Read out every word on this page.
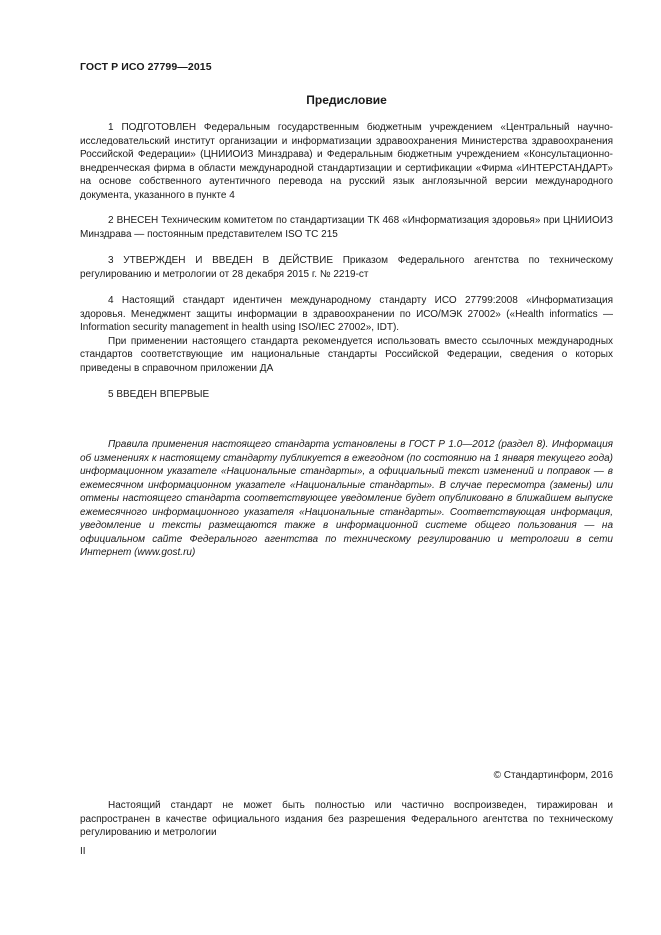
ГОСТ Р ИСО 27799—2015
Предисловие

1 ПОДГОТОВЛЕН Федеральным государственным бюджетным учреждением «Центральный научно-исследовательский институт организации и информатизации здравоохранения Министерства здравоохранения Российской Федерации» (ЦНИИОИЗ Минздрава) и Федеральным бюджетным учреждением «Консультационно-внедренческая фирма в области международной стандартизации и сертификации «Фирма «ИНТЕРСТАНДАРТ» на основе собственного аутентичного перевода на русский язык англоязычной версии международного документа, указанного в пункте 4

2 ВНЕСЕН Техническим комитетом по стандартизации ТК 468 «Информатизация здоровья» при ЦНИИОИЗ Минздрава — постоянным представителем ISO TC 215

3 УТВЕРЖДЕН И ВВЕДЕН В ДЕЙСТВИЕ Приказом Федерального агентства по техническому регулированию и метрологии от 28 декабря 2015 г. № 2219-ст

4 Настоящий стандарт идентичен международному стандарту ИСО 27799:2008 «Информатизация здоровья. Менеджмент защиты информации в здравоохранении по ИСО/МЭК 27002» («Health informatics — Information security management in health using ISO/IEC 27002», IDT).

При применении настоящего стандарта рекомендуется использовать вместо ссылочных международных стандартов соответствующие им национальные стандарты Российской Федерации, сведения о которых приведены в справочном приложении ДА

5 ВВЕДЕН ВПЕРВЫЕ

Правила применения настоящего стандарта установлены в ГОСТ Р 1.0—2012 (раздел 8). Информация об изменениях к настоящему стандарту публикуется в ежегодном (по состоянию на 1 января текущего года) информационном указателе «Национальные стандарты», а официальный текст изменений и поправок — в ежемесячном информационном указателе «Национальные стандарты». В случае пересмотра (замены) или отмены настоящего стандарта соответствующее уведомление будет опубликовано в ближайшем выпуске ежемесячного информационного указателя «Национальные стандарты». Соответствующая информация, уведомление и тексты размещаются также в информационной системе общего пользования — на официальном сайте Федерального агентства по техническому регулированию и метрологии в сети Интернет (www.gost.ru)

© Стандартинформ, 2016

Настоящий стандарт не может быть полностью или частично воспроизведен, тиражирован и распространен в качестве официального издания без разрешения Федерального агентства по техническому регулированию и метрологии

II
